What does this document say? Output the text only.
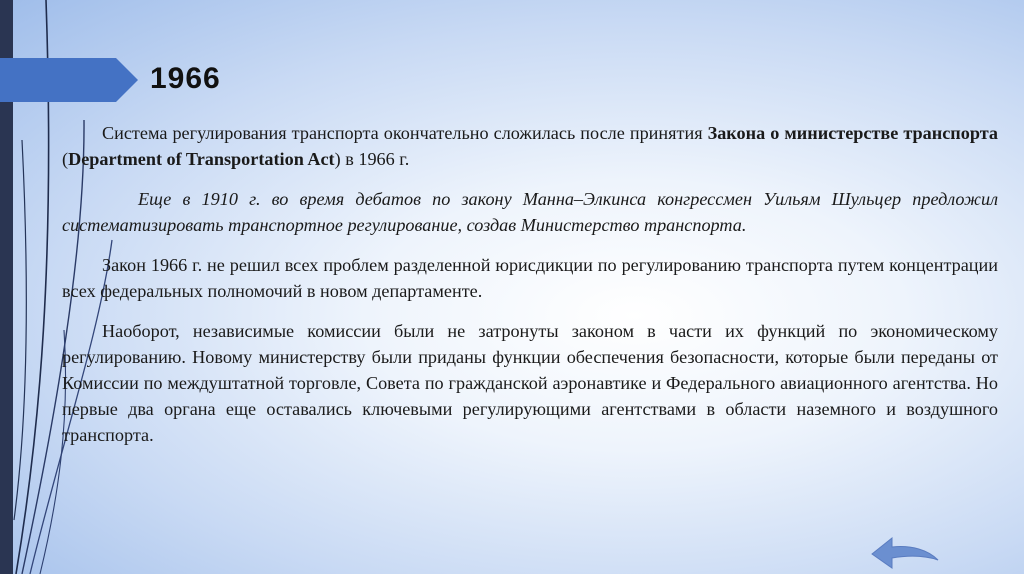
1966

Система регулирования транспорта окончательно сложилась после принятия Закона о министерстве транспорта (Department of Transportation Act) в 1966 г.

Еще в 1910 г. во время дебатов по закону Манна–Элкинса конгрессмен Уильям Шульцер предложил систематизировать транспортное регулирование, создав Министерство транспорта.

Закон 1966 г. не решил всех проблем разделенной юрисдикции по регулированию транспорта путем концентрации всех федеральных полномочий в новом департаменте.

Наоборот, независимые комиссии были не затронуты законом в части их функций по экономическому регулированию. Новому министерству были приданы функции обеспечения безопасности, которые были переданы от Комиссии по междуштатной торговле, Совета по гражданской аэронавтике и Федерального авиационного агентства. Но первые два органа еще оставались ключевыми регулирующими агентствами в области наземного и воздушного транспорта.
